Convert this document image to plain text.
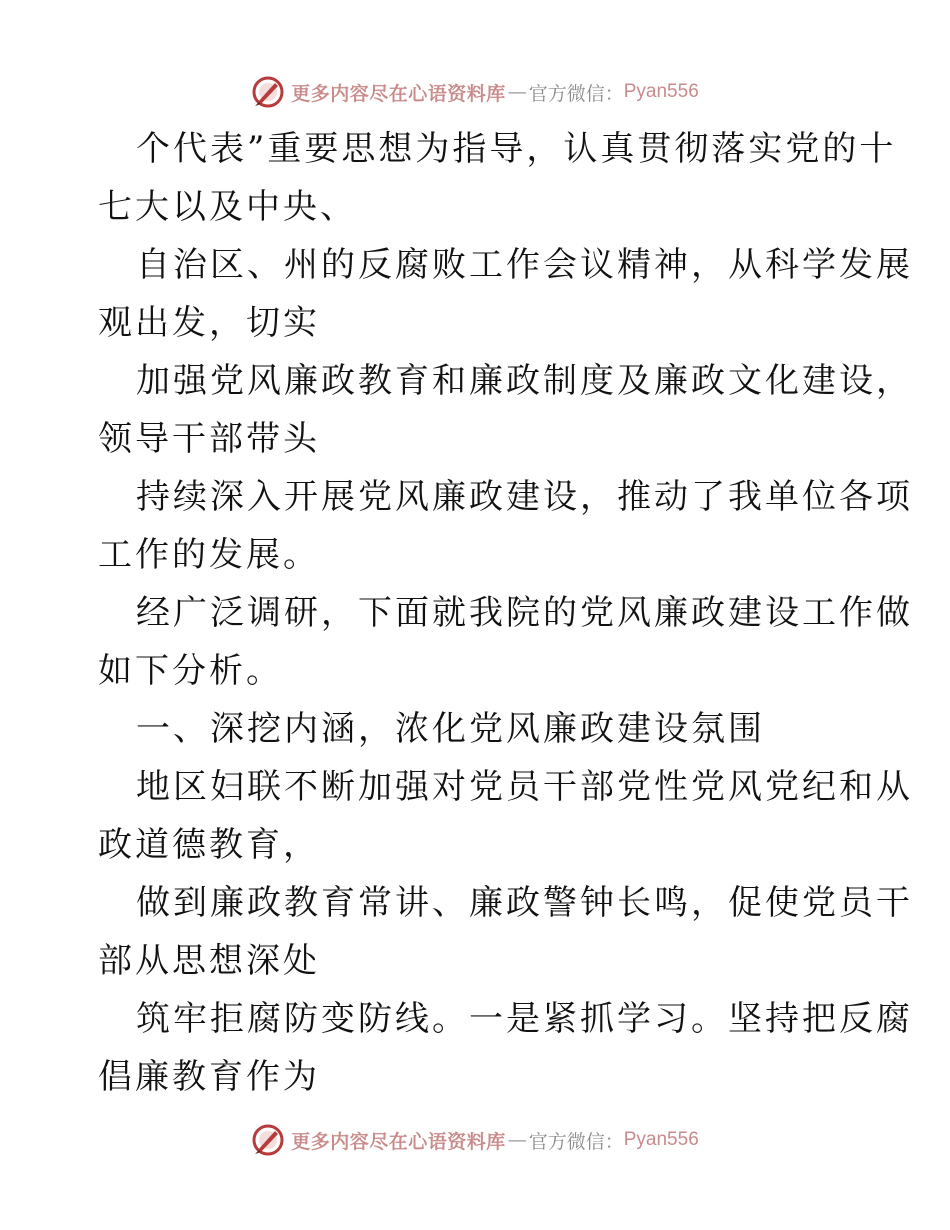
更多内容尽在心语资料库 — 官方微信： Pyan556
个代表”重要思想为指导，认真贯彻落实党的十
七大以及中央、
自治区、州的反腐败工作会议精神，从科学发展
观出发，切实
加强党风廉政教育和廉政制度及廉政文化建设，
领导干部带头
持续深入开展党风廉政建设，推动了我单位各项
工作的发展。
经广泛调研，下面就我院的党风廉政建设工作做
如下分析。
一、深挖内涵，浓化党风廉政建设氛围
地区妇联不断加强对党员干部党性党风党纪和从
政道德教育，
做到廉政教育常讲、廉政警钟长鸣，促使党员干
部从思想深处
筑牢拒腐防变防线。一是紧抓学习。坚持把反腐
倡廉教育作为
更多内容尽在心语资料库 — 官方微信： Pyan556
